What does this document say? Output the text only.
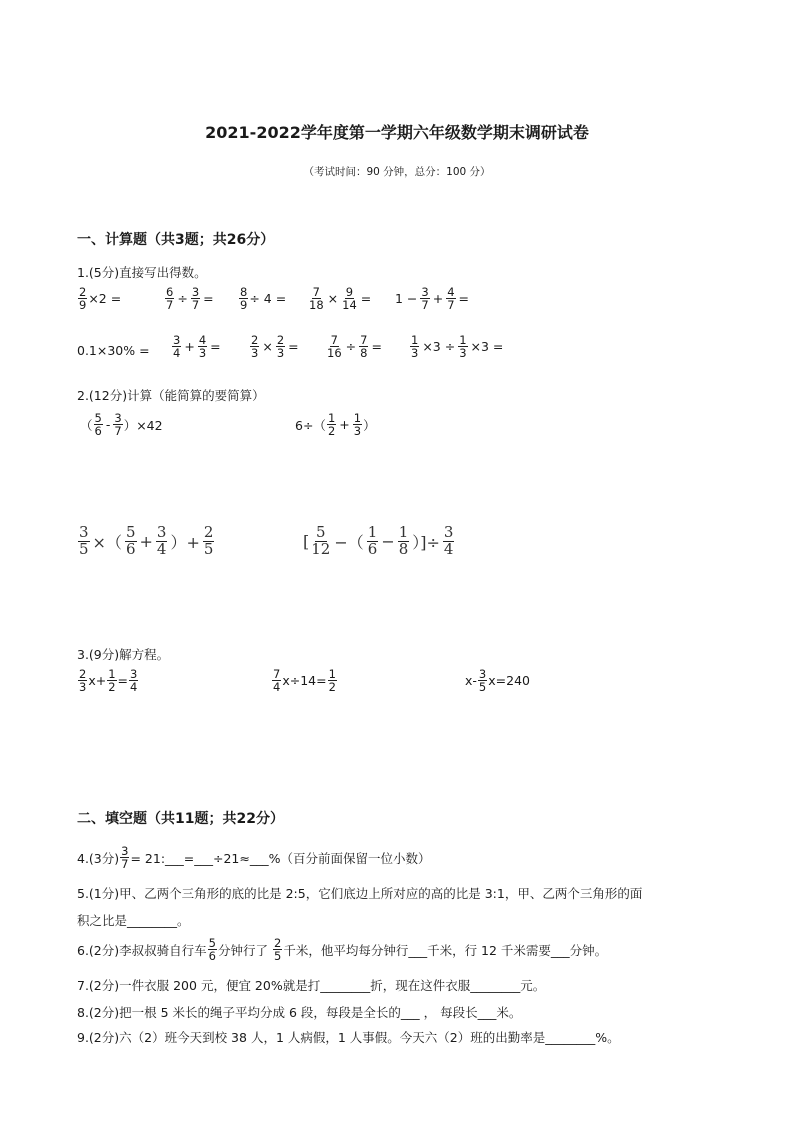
2021-2022学年度第一学期六年级数学期末调研试卷
（考试时间：90 分钟，总分：100 分）
一、计算题（共3题；共26分）
1.(5分)直接写出得数。
$\frac{2}{9} \times 2$ =	$\frac{6}{7} \div \frac{3}{7} = \frac{8}{9} \div 4 = \frac{7}{18} \times \frac{9}{14} = 1 - \frac{3}{7} + \frac{4}{7}$ =
$0.1\times 30\% = \frac{3}{4} + \frac{4}{3}$ =	$\frac{2}{3} \times \frac{2}{3} = \frac{7}{16} \div \frac{7}{8} = \frac{1}{3} \times 3 \div \frac{1}{3} \times 3$ =
2.(12分)计算（能简算的要简算）
（ $\frac{5}{6} - \frac{3}{7} )\times 42$	$6\div( \frac{1}{2} + \frac{1}{3}$ ）
$\frac{3}{5}$ ×（ $\frac{5}{6} + \frac{3}{4}$ ）+ $\frac{2}{5}$	[ $\frac{5}{12}$ −（ $\frac{1}{6} - \frac{1}{8}$ ）]÷ $\frac{3}{4}$
3.(9分)解方程。
$\frac{2}{3} x+ \frac{1}{2} = \frac{3}{4}$	$\frac{7}{4} x\div 14= \frac{1}{2}$	$x- \frac{3}{5} x=240$
二、填空题（共11题；共22分）
4.(3分) $\frac{3}{7}$ = 21:___=___÷21≈___%（百分前面保留一位小数）
5.(1分)甲、乙两个三角形的底的比是 2:5，它们底边上所对应的高的比是 3:1，甲、乙两个三角形的面
积之比是________。
6.(2分)李叔叔骑自行车 $\frac{5}{6}$ 分钟行了 $\frac{2}{5}$ 千米，他平均每分钟行___千米，行 12 千米需要___分钟。
7.(2分)一件衣服 200 元，便宜 20%就是打________折，现在这件衣服________元。
8.(2分)把一根 5 米长的绳子平均分成 6 段，每段是全长的___ ， 每段长___米。
9.(2分)六（2）班今天到校 38 人，1 人病假，1 人事假。今天六（2）班的出勤率是________%。
